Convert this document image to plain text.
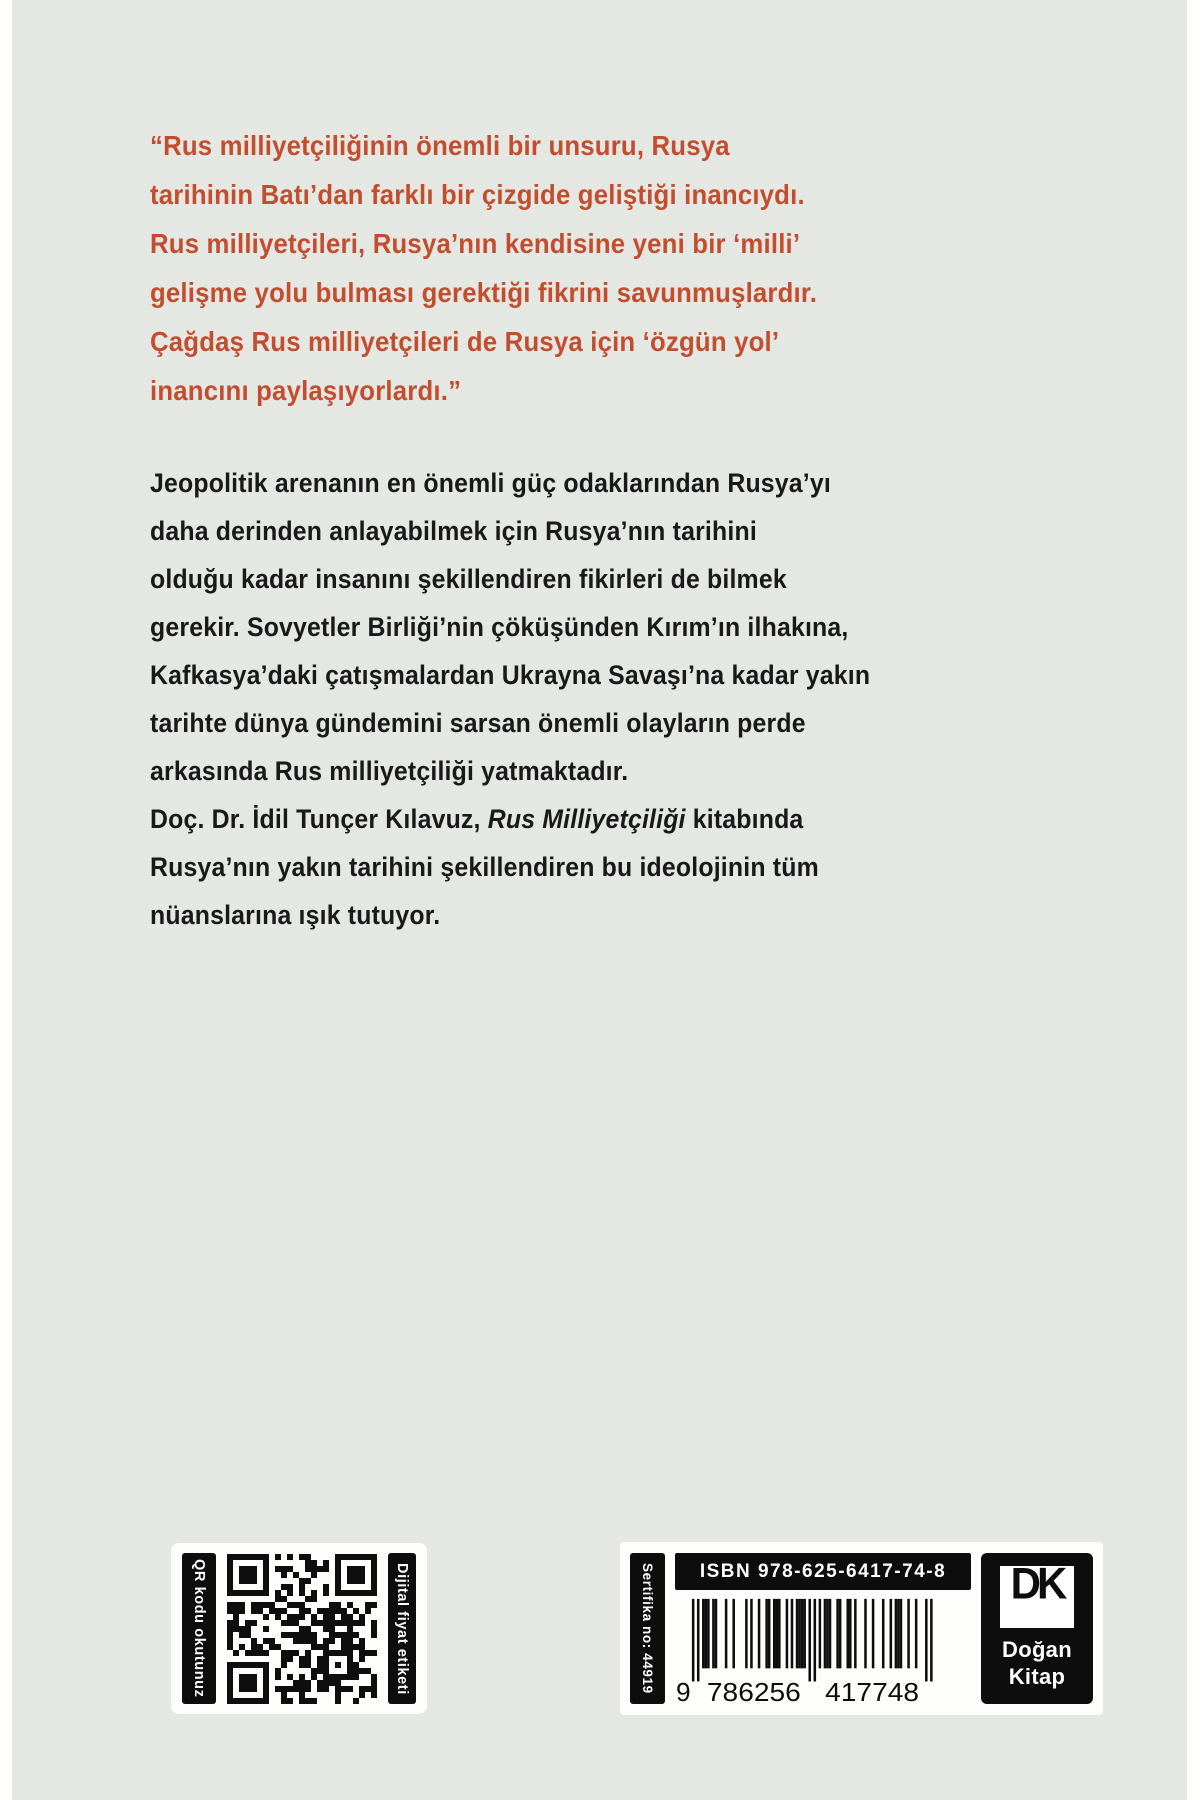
“Rus milliyetçiliğinin önemli bir unsuru, Rusya
tarihinin Batı’dan farklı bir çizgide geliştiği inancıydı.
Rus milliyetçileri, Rusya’nın kendisine yeni bir ‘milli’
gelişme yolu bulması gerektiği fikrini savunmuşlardır.
Çağdaş Rus milliyetçileri de Rusya için ‘özgün yol’
inancını paylaşıyorlardı.”
Jeopolitik arenanın en önemli güç odaklarından Rusya’yı
daha derinden anlayabilmek için Rusya’nın tarihini
olduğu kadar insanını şekillendiren fikirleri de bilmek
gerekir. Sovyetler Birliği’nin çöküşünden Kırım’ın ilhakına,
Kafkasya’daki çatışmalardan Ukrayna Savaşı’na kadar yakın
tarihte dünya gündemini sarsan önemli olayların perde
arkasında Rus milliyetçiliği yatmaktadır.
Doç. Dr. İdil Tunçer Kılavuz, Rus Milliyetçiliği kitabında
Rusya’nın yakın tarihini şekillendiren bu ideolojinin tüm
nüanslarına ışık tutuyor.
QR kodu okutunuz	Dijital fiyat etiketi	Sertifika no: 44919	ISBN 978-625-6417-74-8
9 786256 417748
DK
Doğan
Kitap
